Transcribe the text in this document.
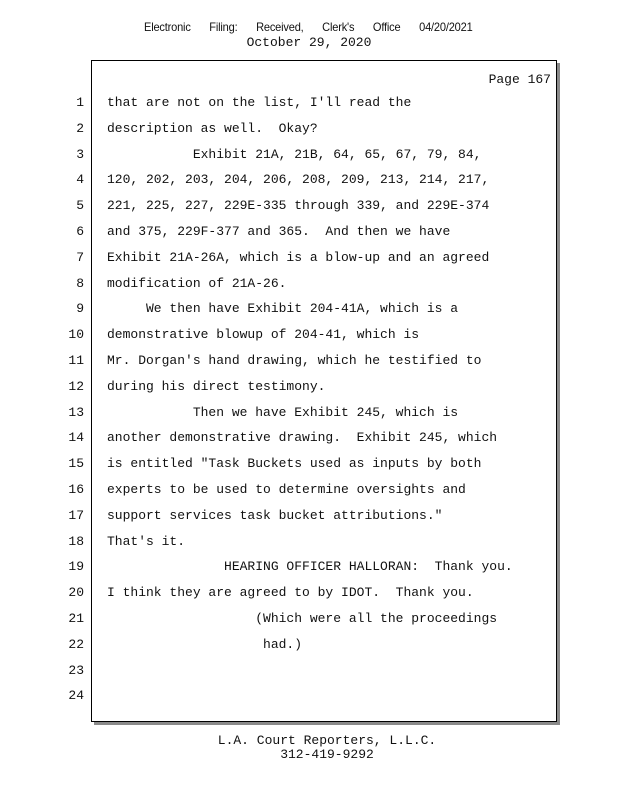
Electronic  Filing:  Received,  Clerk's  Office  04/20/2021
October 29, 2020
Page 167
1 that are not on the list, I'll read the
2 description as well.  Okay?
3 Exhibit 21A, 21B, 64, 65, 67, 79, 84,
4 120, 202, 203, 204, 206, 208, 209, 213, 214, 217,
5 221, 225, 227, 229E-335 through 339, and 229E-374
6 and 375, 229F-377 and 365.  And then we have
7 Exhibit 21A-26A, which is a blow-up and an agreed
8 modification of 21A-26.
9 We then have Exhibit 204-41A, which is a
10 demonstrative blowup of 204-41, which is
11 Mr. Dorgan's hand drawing, which he testified to
12 during his direct testimony.
13 Then we have Exhibit 245, which is
14 another demonstrative drawing.  Exhibit 245, which
15 is entitled "Task Buckets used as inputs by both
16 experts to be used to determine oversights and
17 support services task bucket attributions."
18 That's it.
19 HEARING OFFICER HALLORAN:  Thank you.
20 I think they are agreed to by IDOT.  Thank you.
21 (Which were all the proceedings
22 had.)
23
24
L.A. Court Reporters, L.L.C.
312-419-9292
